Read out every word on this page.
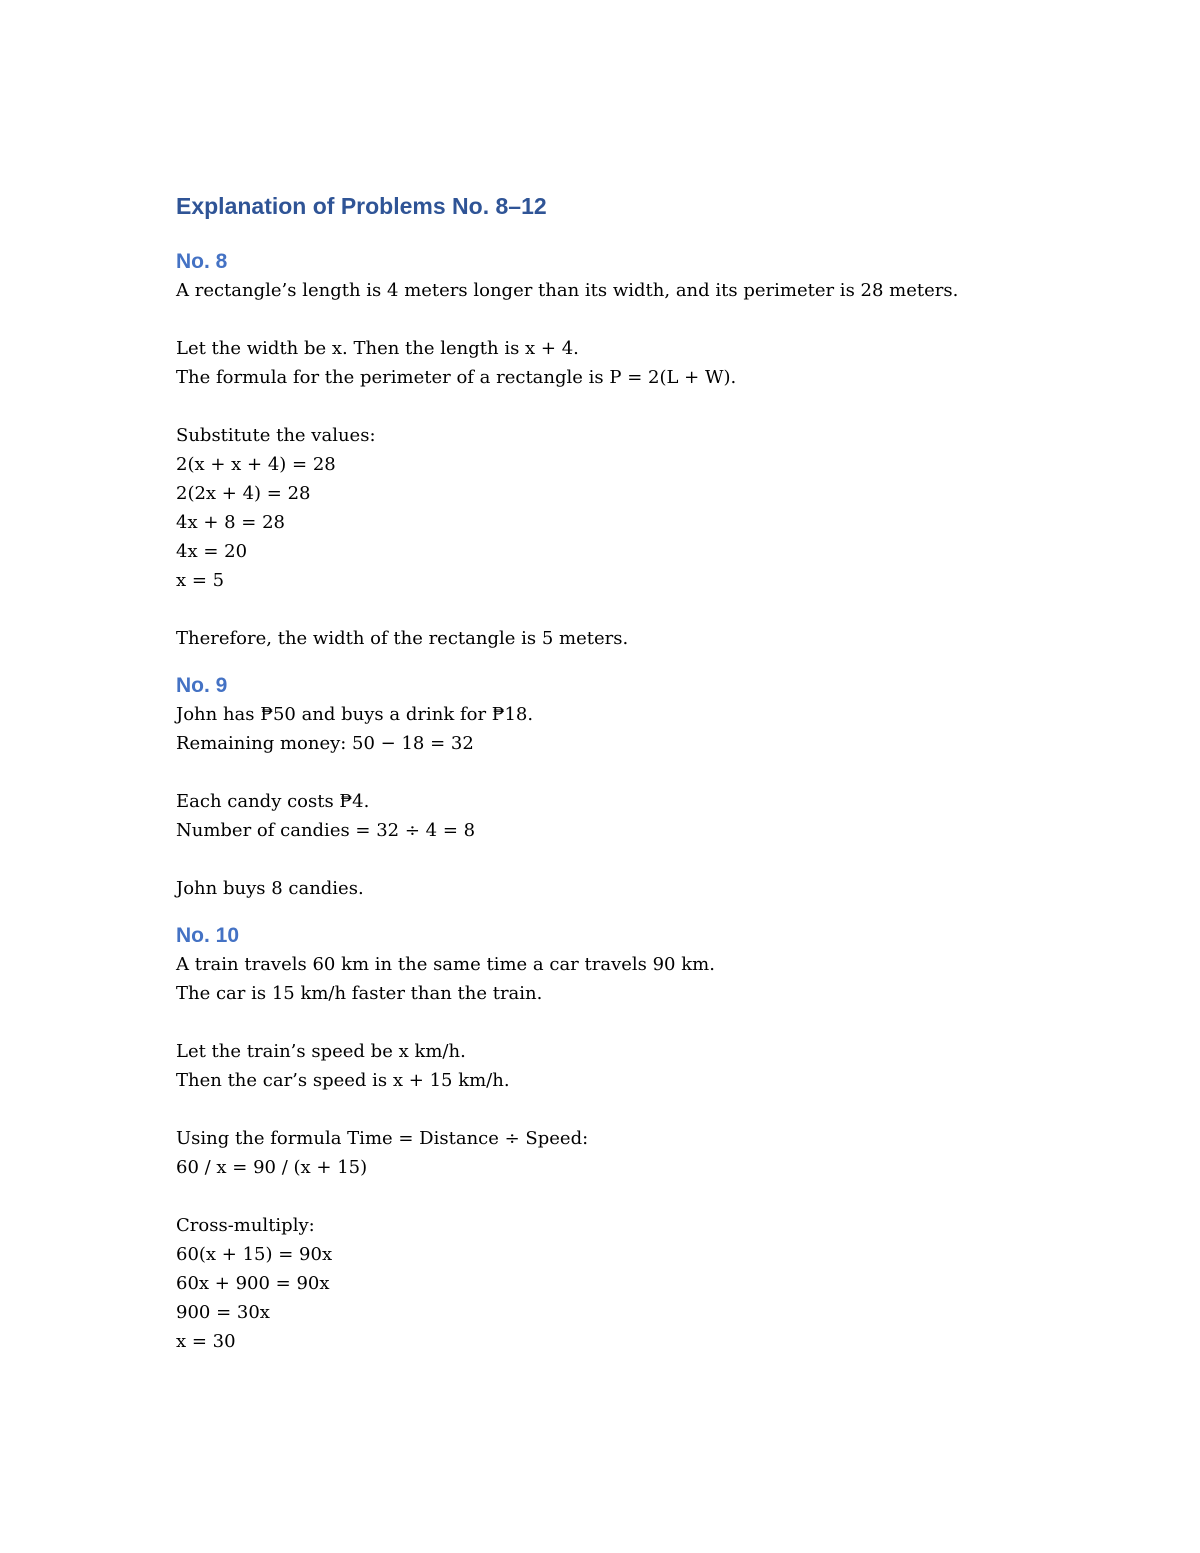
Explanation of Problems No. 8–12
No. 8
A rectangle’s length is 4 meters longer than its width, and its perimeter is 28 meters.
Let the width be x. Then the length is x + 4.
The formula for the perimeter of a rectangle is P = 2(L + W).
Substitute the values:
2(x + x + 4) = 28
2(2x + 4) = 28
4x + 8 = 28
4x = 20
x = 5
Therefore, the width of the rectangle is 5 meters.
No. 9
John has ₱50 and buys a drink for ₱18.
Remaining money: 50 − 18 = 32
Each candy costs ₱4.
Number of candies = 32 ÷ 4 = 8
John buys 8 candies.
No. 10
A train travels 60 km in the same time a car travels 90 km.
The car is 15 km/h faster than the train.
Let the train’s speed be x km/h.
Then the car’s speed is x + 15 km/h.
Using the formula Time = Distance ÷ Speed:
60 / x = 90 / (x + 15)
Cross-multiply:
60(x + 15) = 90x
60x + 900 = 90x
900 = 30x
x = 30
